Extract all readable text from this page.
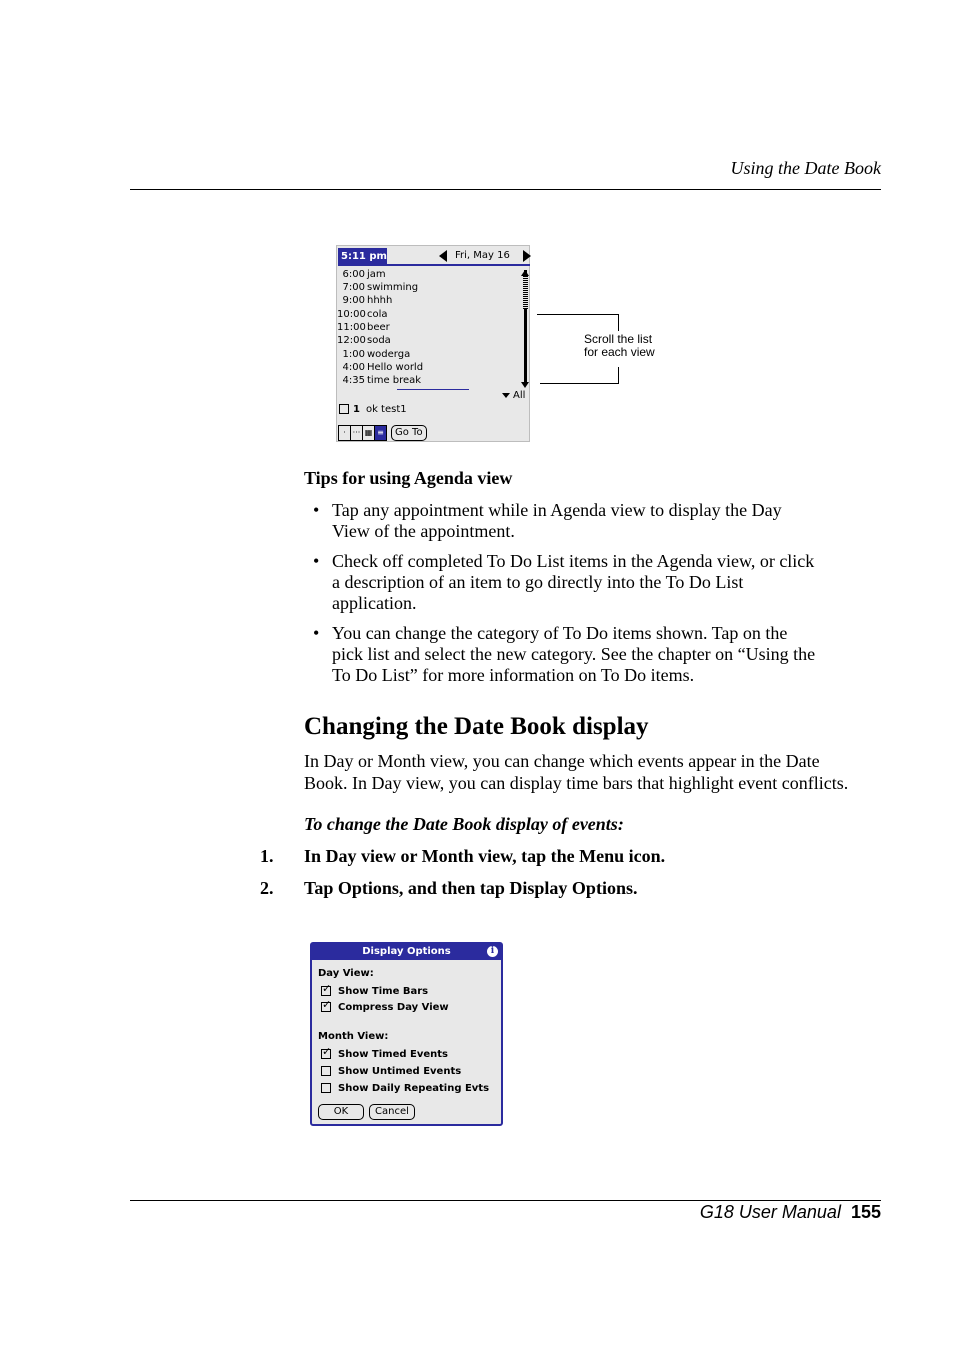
Using the Date Book
5:11 pm	Fri, May 16
6:00 jam
7:00 swimming
9:00 hhhh
10:00cola
11:00beer
12:00soda
1:00 woderga
4:00 Hello world
4:35 time break
All
1 ok test1
· ··· ▦ ≡	Go To
Scroll the list
for each view
Tips for using Agenda view
• Tap any appointment while in Agenda view to display the Day
View of the appointment.
• Check off completed To Do List items in the Agenda view, or click
a description of an item to go directly into the To Do List
application.
• You can change the category of To Do items shown. Tap on the
pick list and select the new category. See the chapter on “Using the
To Do List” for more information on To Do items.
Changing the Date Book display
In Day or Month view, you can change which events appear in the Date
Book. In Day view, you can display time bars that highlight event conflicts.
To change the Date Book display of events:
1. In Day view or Month view, tap the Menu icon.
2. Tap Options, and then tap Display Options.
Display Options	i
Day View:
✓Show Time Bars
✓Compress Day View
Month View:
✓Show Timed Events
Show Untimed Events
Show Daily Repeating Evts
OK	Cancel
G18 User Manual 155
